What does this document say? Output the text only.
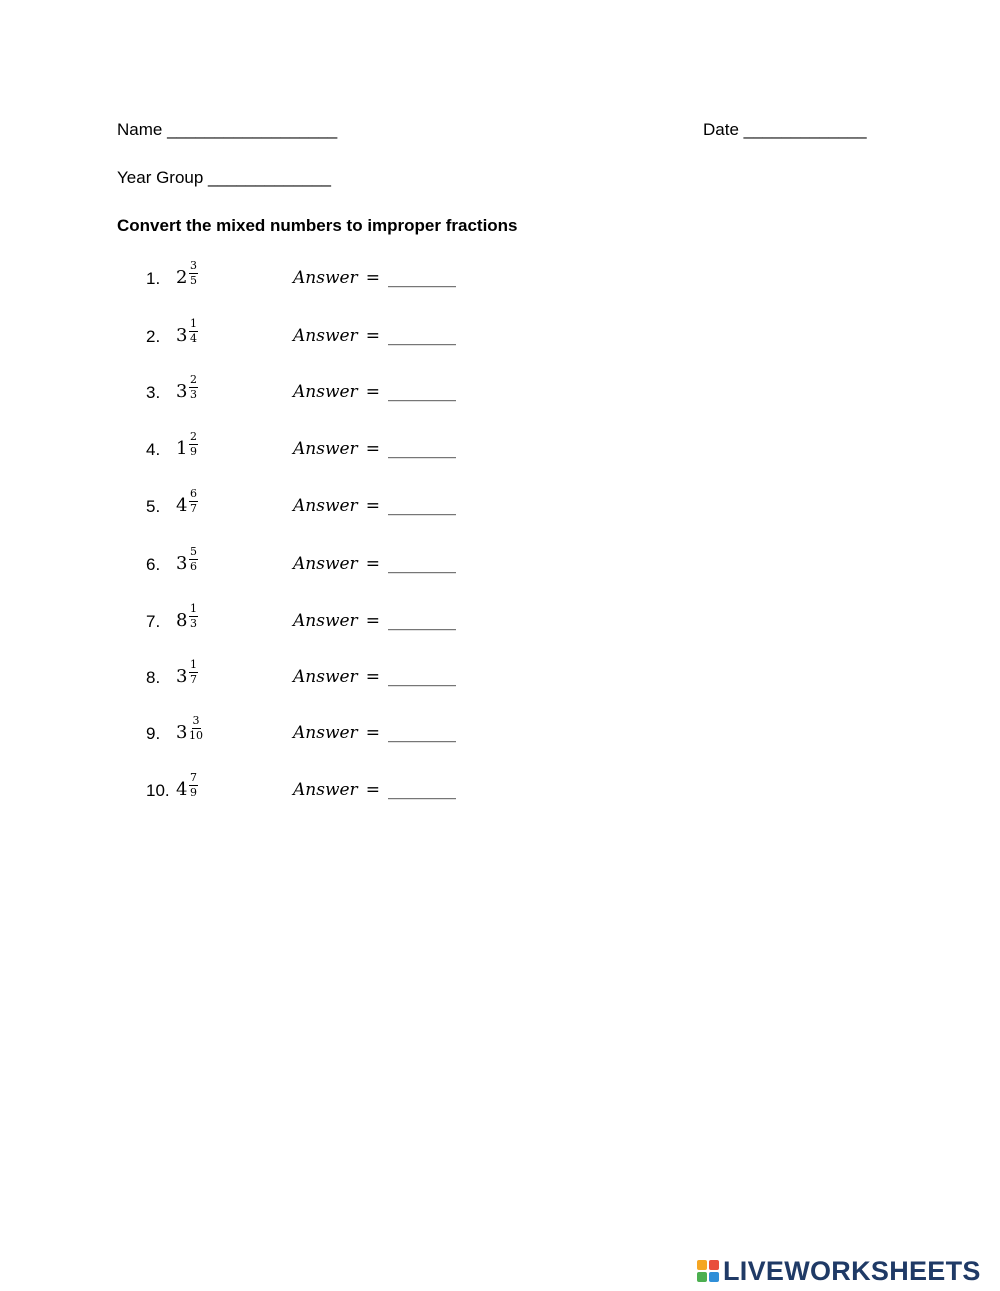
Name __________________	Date _____________
Year Group _____________
Convert the mixed numbers to improper fractions
1. $2 \frac{3}{5}$	Answer = ________
2. $3 \frac{1}{4}$	Answer = ________
3. $3 \frac{2}{3}$	Answer = ________
4. $1 \frac{2}{9}$	Answer = ________
5. $4 \frac{6}{7}$	Answer = ________
6. $3 \frac{5}{6}$	Answer = ________
7. $8 \frac{1}{3}$	Answer = ________
8. $3 \frac{1}{7}$	Answer = ________
9. $3 \frac{3}{10}$	Answer = ________
10. $4 \frac{7}{9}$	Answer = ________
LIVEWORKSHEETS
